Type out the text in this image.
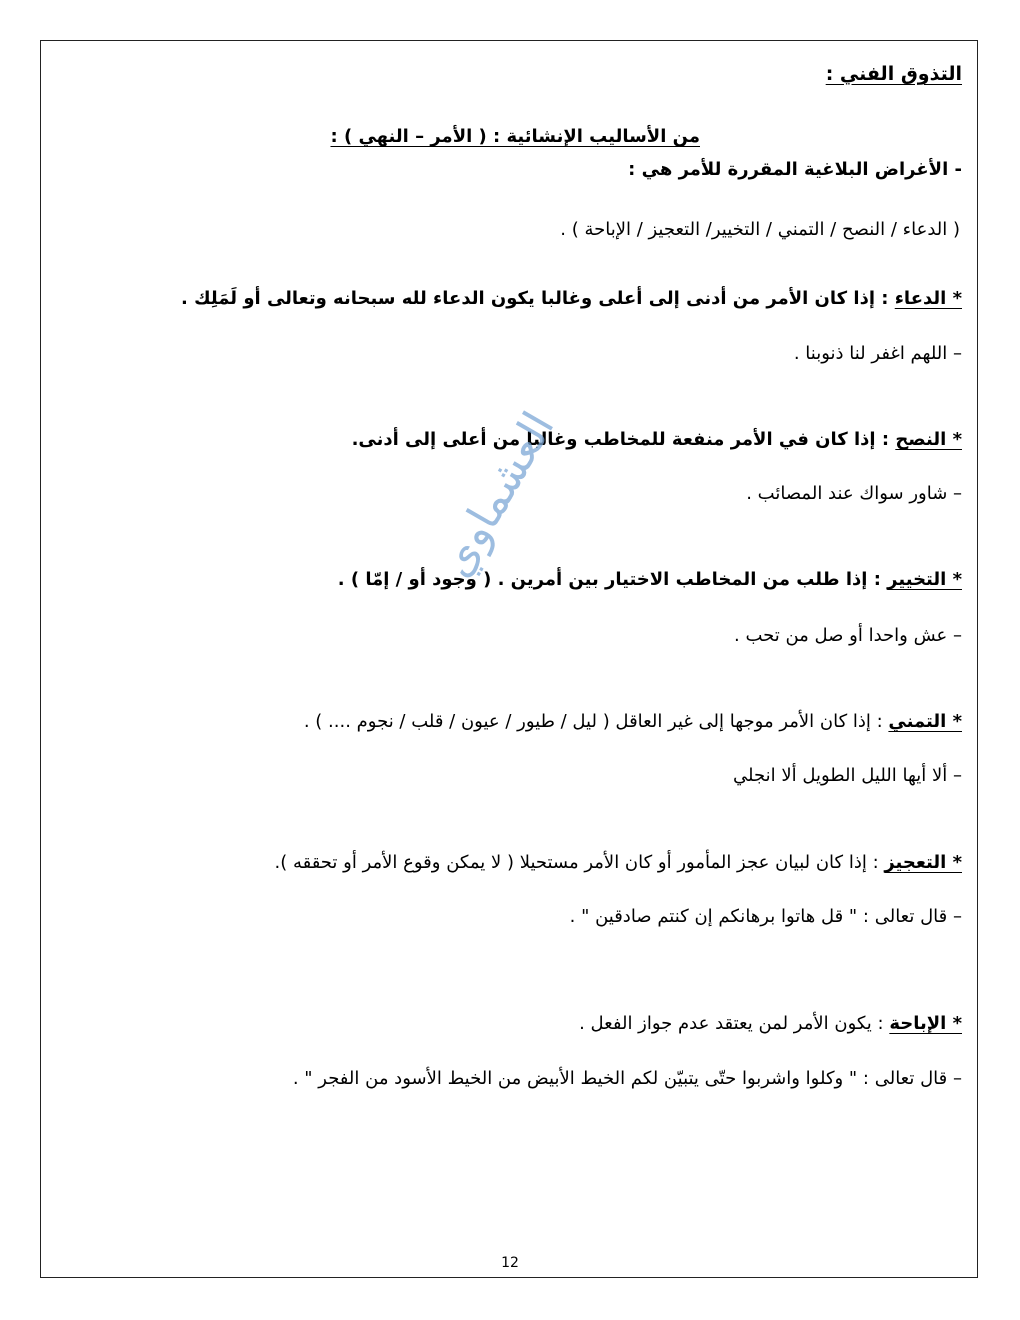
التذوق الفني :
من الأساليب الإنشائية : ( الأمر – النهي ) :
- الأغراض البلاغية المقررة للأمر هي :
( الدعاء / النصح / التمني / التخيير/ التعجيز / الإباحة ) .
* الدعاء : إذا كان الأمر من أدنى إلى أعلى وغالبا يكون الدعاء لله سبحانه وتعالى أو لَمَلِك .
– اللهم اغفر لنا ذنوبنا .
* النصح : إذا كان في الأمر منفعة للمخاطب وغالبا من أعلى إلى أدنى.
– شاور سواك عند المصائب .
* التخيير : إذا طلب من المخاطب الاختيار بين أمرين . ( وجود أو / إمّا ) .
– عش واحدا أو صل من تحب .
* التمني : إذا كان الأمر موجها إلى غير العاقل ( ليل / طيور / عيون / قلب / نجوم .... ) .
– ألا أيها الليل الطويل ألا انجلي
* التعجيز : إذا كان لبيان عجز المأمور أو كان الأمر مستحيلا ( لا يمكن وقوع الأمر أو تحققه ).
– قال تعالى : " قل هاتوا برهانكم إن كنتم صادقين " .
* الإباحة : يكون الأمر لمن يعتقد عدم جواز الفعل .
– قال تعالى : " وكلوا واشربوا حتّى يتبيّن لكم الخيط الأبيض من الخيط الأسود من الفجر " .
العشماوي
12
